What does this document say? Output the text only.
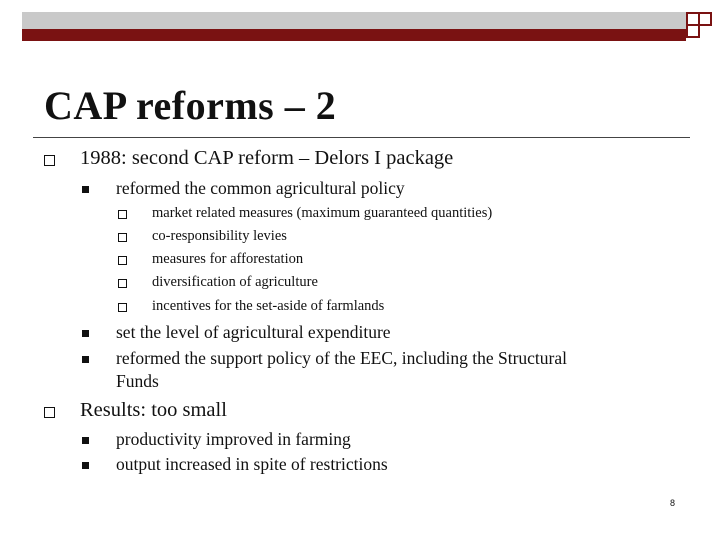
CAP reforms – 2
1988: second CAP reform – Delors I package
reformed the common agricultural policy
market related measures (maximum guaranteed quantities)
co-responsibility levies
measures for afforestation
diversification of agriculture
incentives for the set-aside of farmlands
set the level of agricultural expenditure
reformed the support policy of the EEC, including the Structural
Funds
Results: too small
productivity improved in farming
output increased in spite of restrictions
8
